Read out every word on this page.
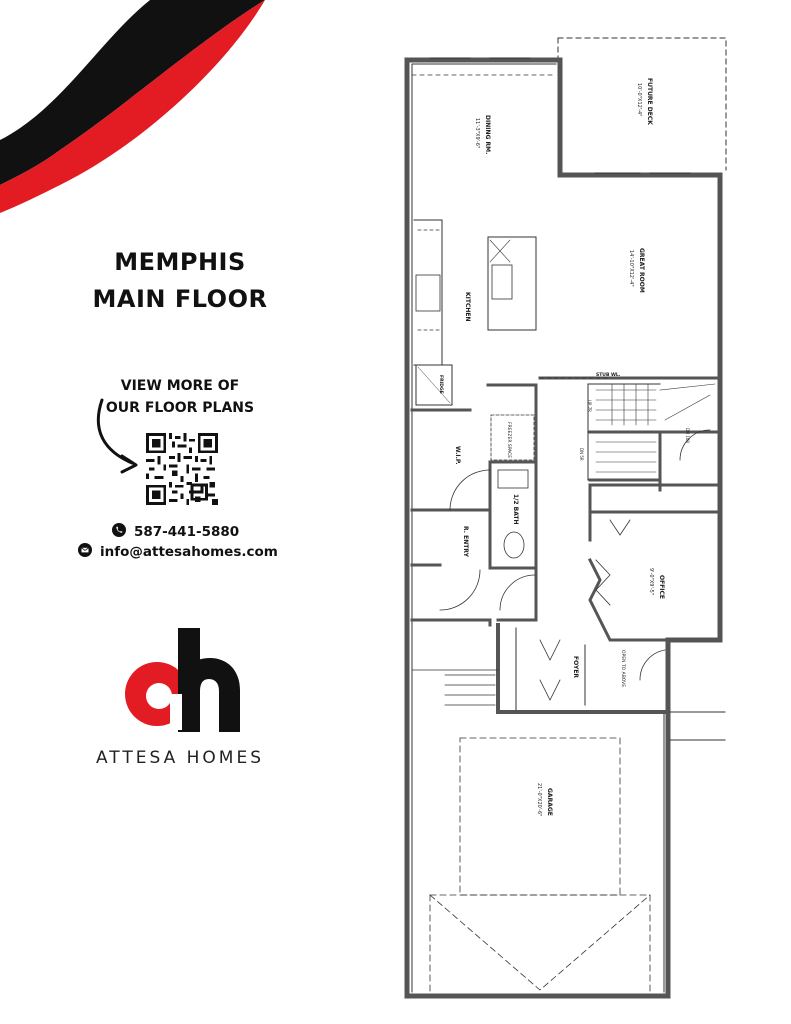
MEMPHIS
MAIN FLOOR
VIEW MORE OF
OUR FLOOR PLANS
587-441-5880
info@attesahomes.com
ATTESA HOMES
FUTURE DECK
10'-0"X12'-4"
DINING RM.
11'-3"X9'-6"
GREAT ROOM
14'-10"X12'-4"
KITCHEN
FRIDGE	STUB WL.
FREEZER SPACE
W.I.P.
1/2 BATH
R. ENTRY
OFFICE
9'-0"X9'-5"
FOYER	OPEN TO ABOVE
GARAGE
21'-0"X20'-6"
UP 7R
DN 5R
DN 10R
